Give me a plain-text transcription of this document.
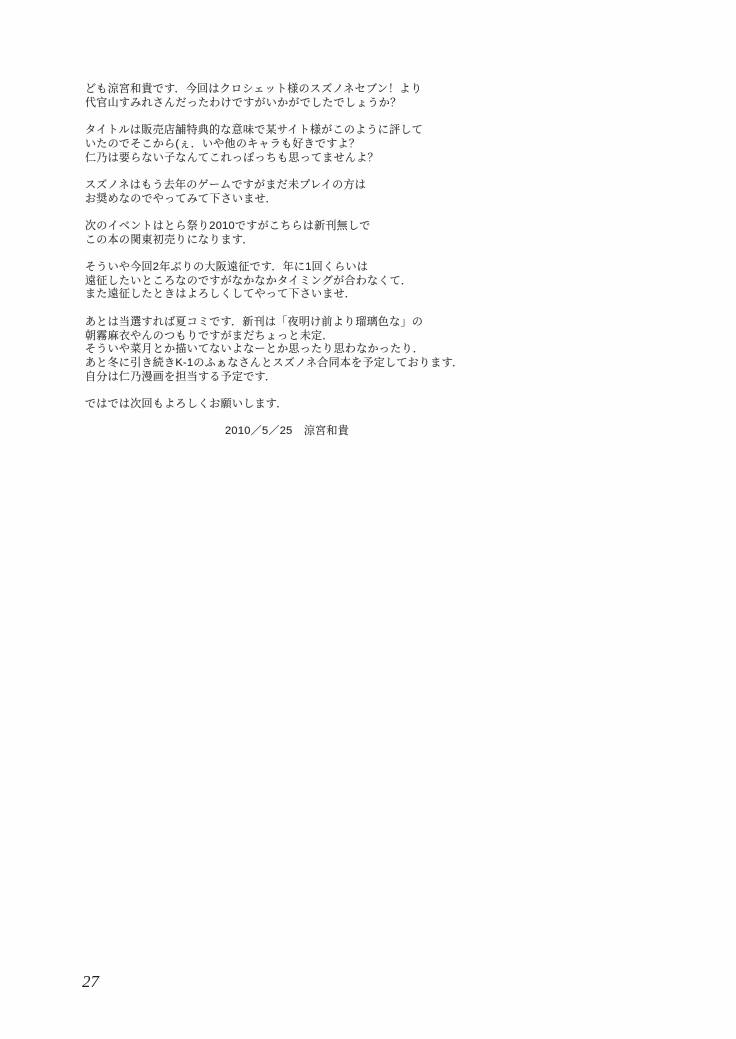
ども涼宮和貴です．今回はクロシェット様のスズノネセブン！より
代官山すみれさんだったわけですがいかがでしたでしょうか？
タイトルは販売店舗特典的な意味で某サイト様がこのように評して
いたのでそこから(ぇ．いや他のキャラも好きですよ？
仁乃は要らない子なんてこれっぽっちも思ってませんよ？
スズノネはもう去年のゲームですがまだ未プレイの方は
お奨めなのでやってみて下さいませ．
次のイベントはとら祭り2010ですがこちらは新刊無しで
この本の関東初売りになります．
そういや今回2年ぶりの大阪遠征です．年に1回くらいは
遠征したいところなのですがなかなかタイミングが合わなくて．
また遠征したときはよろしくしてやって下さいませ．
あとは当選すれば夏コミです．新刊は「夜明け前より瑠璃色な」の
朝霧麻衣やんのつもりですがまだちょっと未定．
そういや菜月とか描いてないよなーとか思ったり思わなかったり．
あと冬に引き続きK-1のふぁなさんとスズノネ合同本を予定しております．
自分は仁乃漫画を担当する予定です．
ではでは次回もよろしくお願いします．
2010／5／25　涼宮和貴
27
